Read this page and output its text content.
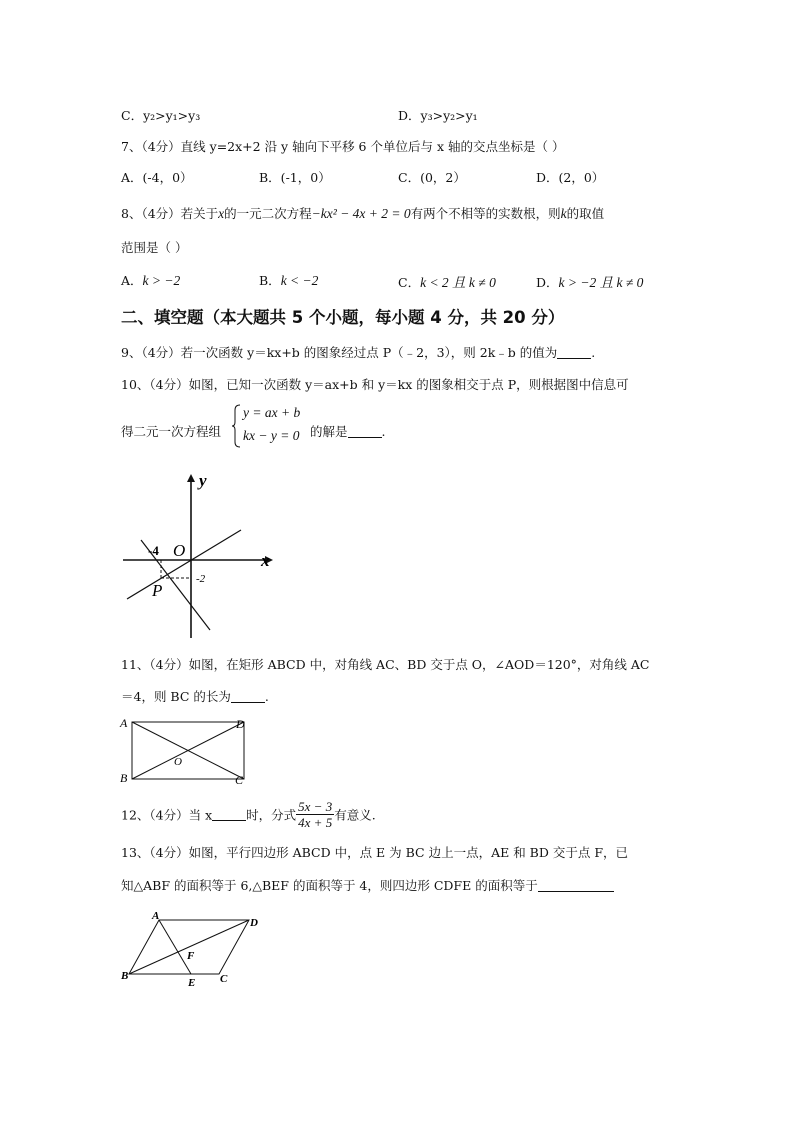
C．y₂>y₁>y₃	D．y₃>y₂>y₁
7、（4分）直线 y=2x+2 沿 y 轴向下平移 6 个单位后与 x 轴的交点坐标是（ ）
A．(-4，0）	B．(-1，0）	C．(0，2）	D．(2，0）
8、（4分）若关于x的一元二次方程−kx² − 4x + 2 = 0有两个不相等的实数根，则k的取值
范围是（ ）
A．k > −2	B．k < −2	C．k < 2 且 k ≠ 0	D．k > −2 且 k ≠ 0
二、填空题（本大题共 5 个小题，每小题 4 分，共 20 分）
9、（4分）若一次函数 y＝kx+b 的图象经过点 P（﹣2，3），则 2k﹣b 的值为	.
10、（4分）如图，已知一次函数 y＝ax+b 和 y＝kx 的图象相交于点 P，则根据图中信息可
得二元一次方程组
y = ax + b
kx − y = 0 的解是	.
y
x
O
-4
-2
P
11、（4分）如图，在矩形 ABCD 中，对角线 AC、BD 交于点 O，∠AOD＝120°，对角线 AC
＝4，则 BC 的长为	.
A
B	C
D
O
12、（4分）当 x	时，分式 $\frac{5x - 3}{4x + 5}$ 有意义.
13、（4分）如图，平行四边形 ABCD 中，点 E 为 BC 边上一点，AE 和 BD 交于点 F，已
知△ABF 的面积等于 6,△BEF 的面积等于 4，则四边形 CDFE 的面积等于
A
B	C
D
E
F
